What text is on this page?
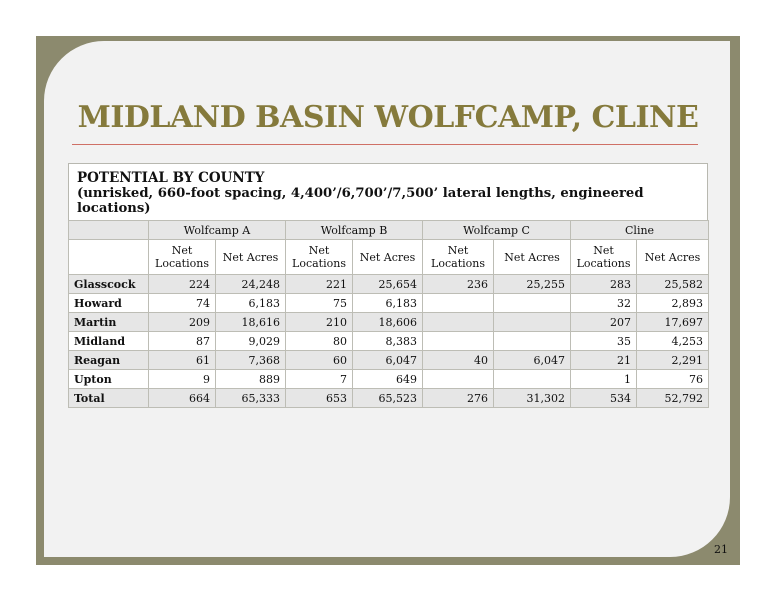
MIDLAND BASIN WOLFCAMP, CLINE
POTENTIAL BY COUNTY
(unrisked, 660-foot spacing, 4,400’/6,700’/7,500’ lateral lengths, engineered locations)
	Wolfcamp A		Wolfcamp B		Wolfcamp C		Cline	
	Net Locations	Net Acres	Net Locations	Net Acres	Net Locations	Net Acres	Net Locations	Net Acres
Glasscock	224	24,248	221	25,654	236	25,255	283	25,582
Howard	74	6,183	75	6,183			32	2,893
Martin	209	18,616	210	18,606			207	17,697
Midland	87	9,029	80	8,383			35	4,253
Reagan	61	7,368	60	6,047	40	6,047	21	2,291
Upton	9	889	7	649			1	76
Total	664	65,333	653	65,523	276	31,302	534	52,792
21
